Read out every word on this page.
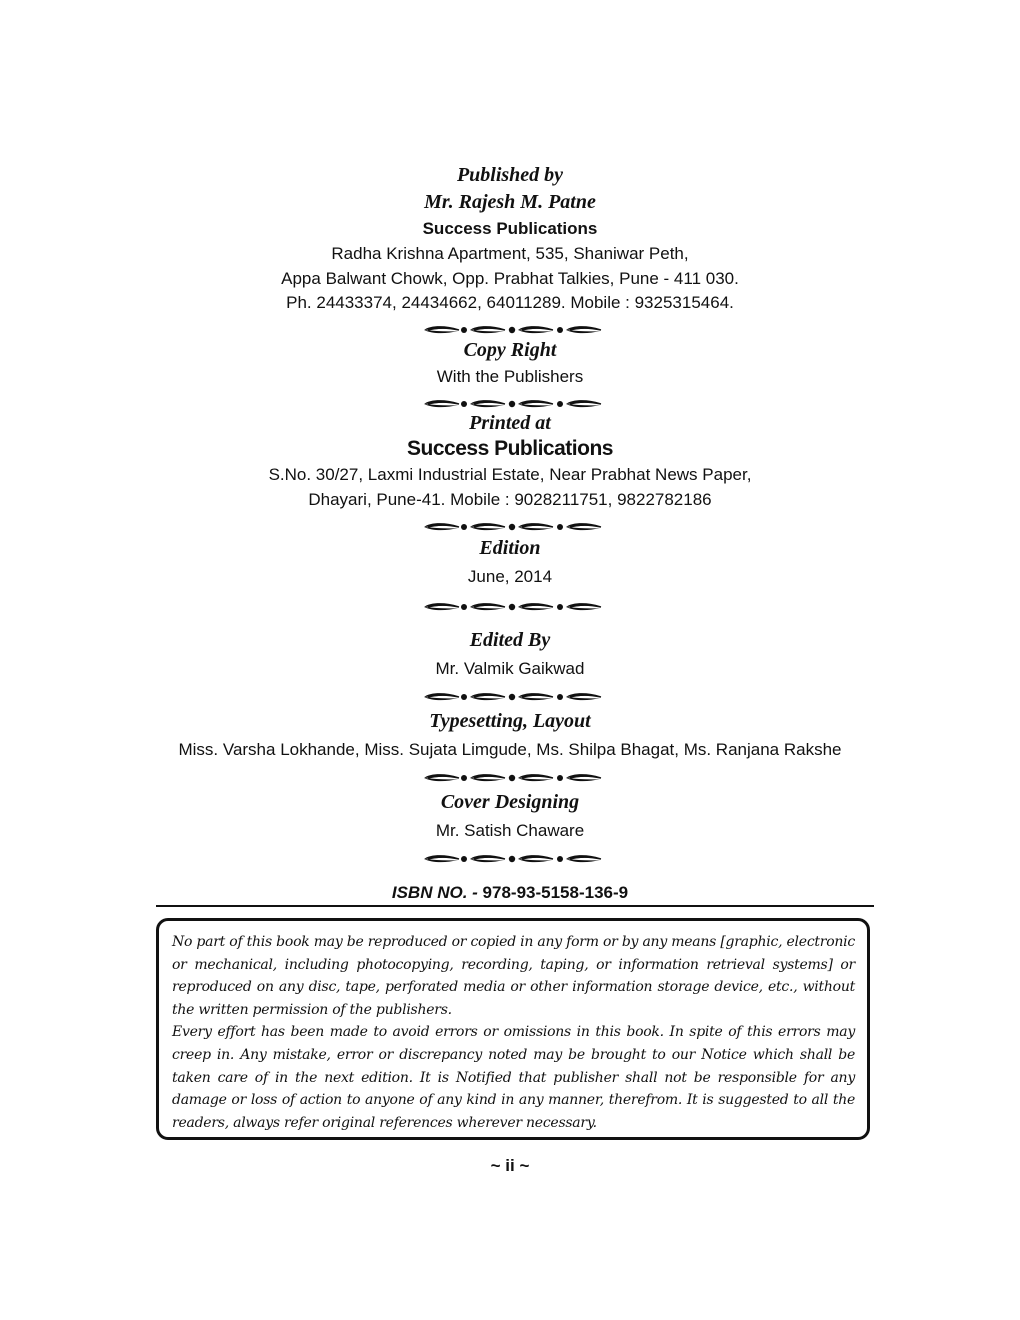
Published by
Mr. Rajesh M. Patne
Success Publications
Radha Krishna Apartment, 535, Shaniwar Peth,
Appa Balwant Chowk, Opp. Prabhat Talkies, Pune - 411 030.
Ph. 24433374, 24434662, 64011289. Mobile : 9325315464.
Copy Right
With the Publishers
Printed at
Success Publications
S.No. 30/27, Laxmi Industrial Estate, Near Prabhat News Paper,
Dhayari, Pune-41. Mobile : 9028211751, 9822782186
Edition
June, 2014
Edited By
Mr. Valmik Gaikwad
Typesetting, Layout
Miss. Varsha Lokhande, Miss. Sujata Limgude, Ms. Shilpa Bhagat, Ms. Ranjana Rakshe
Cover Designing
Mr. Satish Chaware
ISBN NO. - 978-93-5158-136-9

No part of this book may be reproduced or copied in any form or by any means [graphic, electronic or mechanical, including photocopying, recording, taping, or information retrieval systems] or reproduced on any disc, tape, perforated media or other information storage device, etc., without the written permission of the publishers.

Every effort has been made to avoid errors or omissions in this book. In spite of this errors may creep in. Any mistake, error or discrepancy noted may be brought to our Notice which shall be taken care of in the next edition. It is Notified that publisher shall not be responsible for any damage or loss of action to anyone of any kind in any manner, therefrom. It is suggested to all the readers, always refer original references wherever necessary.

~ ii ~
